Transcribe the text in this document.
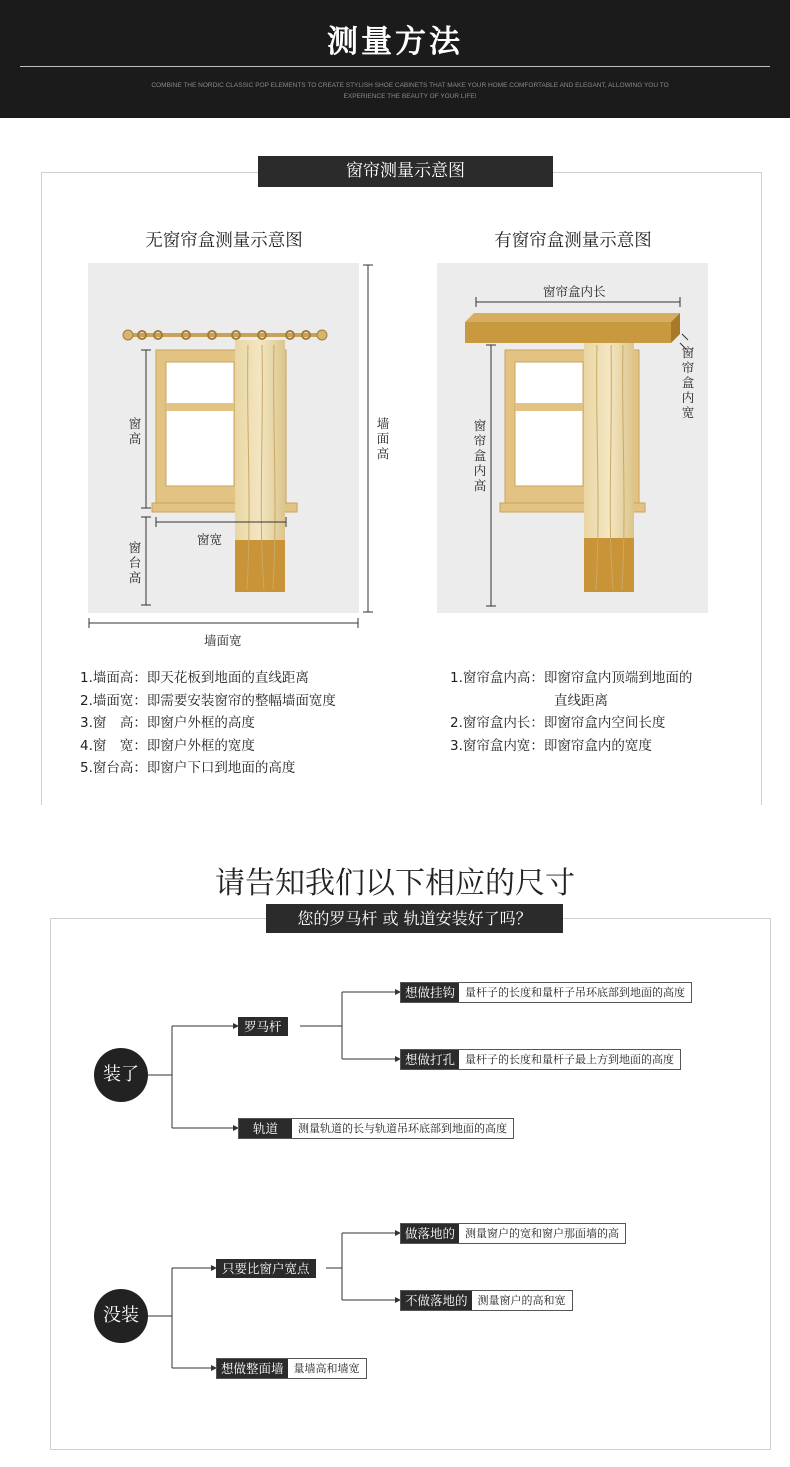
测量方法
COMBINE THE NORDIC CLASSIC POP ELEMENTS TO CREATE STYLISH SHOE CABINETS THAT MAKE YOUR HOME COMFORTABLE AND ELEGANT, ALLOWING YOU TO EXPERIENCE THE BEAUTY OF YOUR LIFE!
窗帘测量示意图
无窗帘盒测量示意图	有窗帘盒测量示意图
窗高
窗台高
窗宽
墙面高
墙面宽
窗帘盒内长
窗帘盒内宽
窗帘盒内高
1.墙面高：即天花板到地面的直线距离
2.墙面宽：即需要安装窗帘的整幅墙面宽度
3.窗　高：即窗户外框的高度
4.窗　宽：即窗户外框的宽度
5.窗台高：即窗户下口到地面的高度
1.窗帘盒内高：即窗帘盒内顶端到地面的
直线距离
2.窗帘盒内长：即窗帘盒内空间长度
3.窗帘盒内宽：即窗帘盒内的宽度
请告知我们以下相应的尺寸
您的罗马杆 或 轨道安装好了吗？
装了
罗马杆
想做挂钩 量杆子的长度和量杆子吊环底部到地面的高度
想做打孔 量杆子的长度和量杆子最上方到地面的高度
轨道	测量轨道的长与轨道吊环底部到地面的高度
没装
只要比窗户宽点
做落地的 测量窗户的宽和窗户那面墙的高
不做落地的 测量窗户的高和宽
想做整面墙 量墙高和墙宽
